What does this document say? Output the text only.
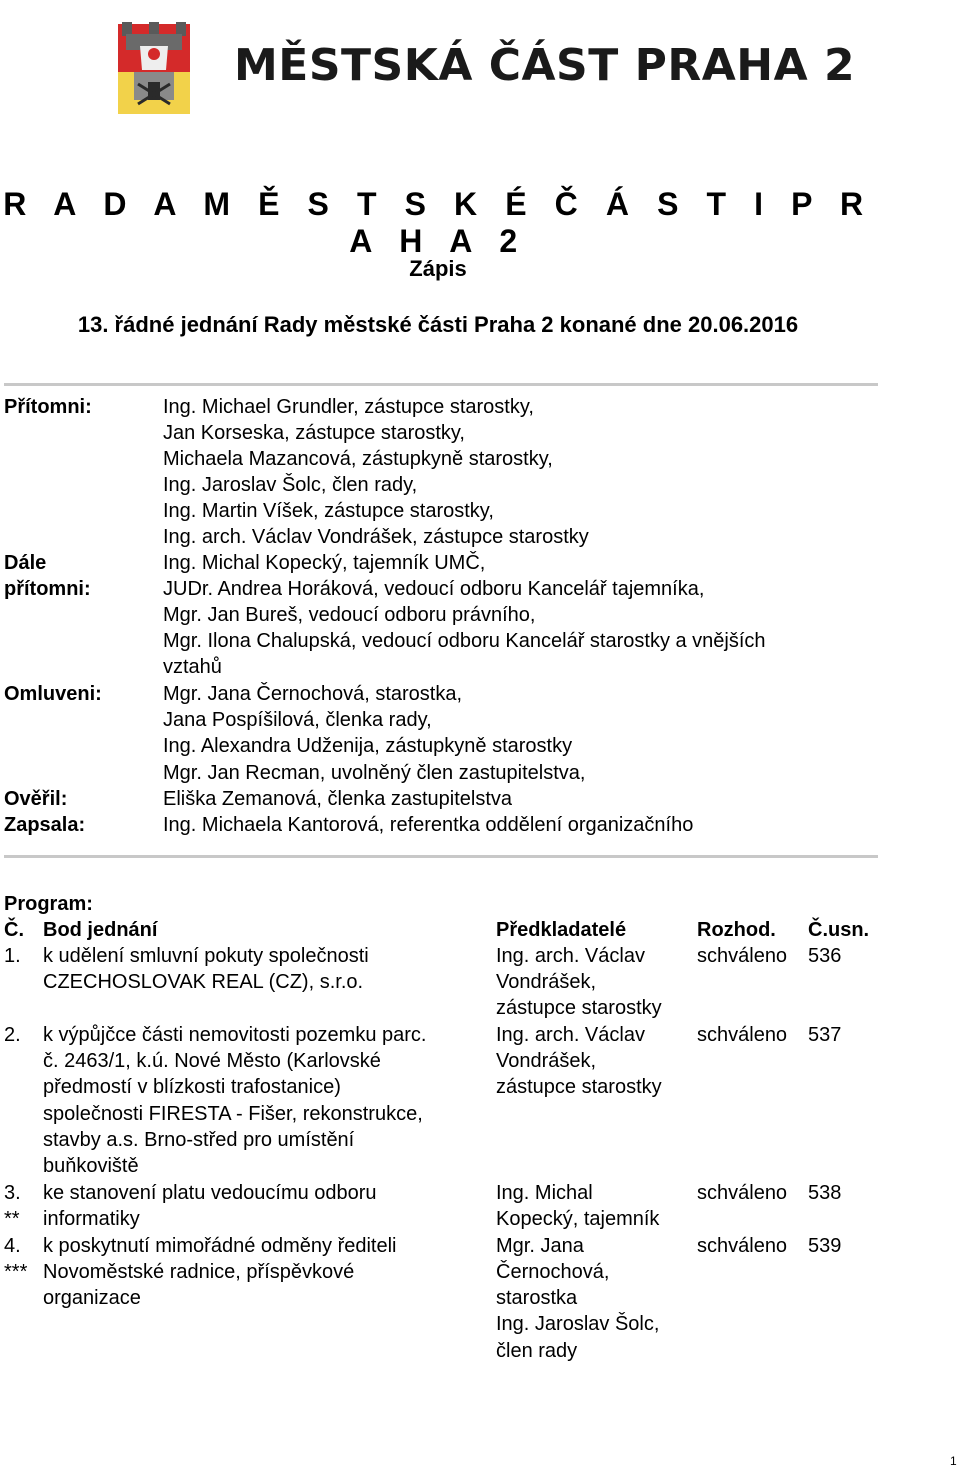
MĚSTSKÁ ČÁST PRAHA 2
R A D A M Ě S T S K É Č Á S T I P R A H A 2
Zápis
13. řádné jednání Rady městské části Praha 2 konané dne 20.06.2016
Přítomni:
Dále
přítomni:
Omluveni:
Ověřil:
Zapsala:
Ing. Michael Grundler, zástupce starostky,
Jan Korseska, zástupce starostky,
Michaela Mazancová, zástupkyně starostky,
Ing. Jaroslav Šolc, člen rady,
Ing. Martin Víšek, zástupce starostky,
Ing. arch. Václav Vondrášek, zástupce starostky
Ing. Michal Kopecký, tajemník UMČ,
JUDr. Andrea Horáková, vedoucí odboru Kancelář tajemníka,
Mgr. Jan Bureš, vedoucí odboru právního,
Mgr. Ilona Chalupská, vedoucí odboru Kancelář starostky a vnějších
vztahů
Mgr. Jana Černochová, starostka,
Jana Pospíšilová, členka rady,
Ing. Alexandra Udženija, zástupkyně starostky
Mgr. Jan Recman, uvolněný člen zastupitelstva,
Eliška Zemanová, členka zastupitelstva
Ing. Michaela Kantorová, referentka oddělení organizačního
Program:
Č. Bod jednání	Předkladatelé	Rozhod. Č.usn.
1. k udělení smluvní pokuty společnosti
CZECHOSLOVAK REAL (CZ), s.r.o.
Ing. arch. Václav
Vondrášek,
zástupce starostky
schváleno 536
2. k výpůjčce části nemovitosti pozemku parc.
č. 2463/1, k.ú. Nové Město (Karlovské
předmostí v blízkosti trafostanice)
společnosti FIRESTA - Fišer, rekonstrukce,
stavby a.s. Brno-střed pro umístění
buňkoviště
Ing. arch. Václav
Vondrášek,
zástupce starostky
schváleno 537
3.
**
ke stanovení platu vedoucímu odboru
informatiky
Ing. Michal
Kopecký, tajemník
schváleno 538
4.
***
k poskytnutí mimořádné odměny řediteli
Novoměstské radnice, příspěvkové
organizace
Mgr. Jana
Černochová,
starostka
Ing. Jaroslav Šolc,
člen rady
schváleno 539
1
